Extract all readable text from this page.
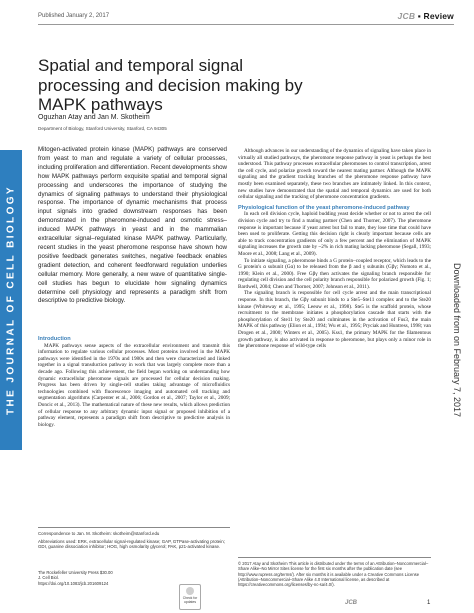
Published January 2, 2017	JCB ▪ Review
THE JOURNAL OF CELL BIOLOGY	Downloaded from on February 7, 2017
Spatial and temporal signal processing and decision making by MAPK pathways
Oguzhan Atay and Jan M. Skotheim
Department of Biology, Stanford University, Stanford, CA 94305
Mitogen-activated protein kinase (MAPK) pathways are conserved from yeast to man and regulate a variety of cellular processes, including proliferation and differentiation. Recent developments show how MAPK pathways perform exquisite spatial and temporal signal processing and underscores the importance of studying the dynamics of signaling pathways to understand their physiological response. The importance of dynamic mechanisms that process input signals into graded downstream responses has been demonstrated in the pheromone-induced and osmotic stress–induced MAPK pathways in yeast and in the mammalian extracellular signal–regulated kinase MAPK pathway. Particularly, recent studies in the yeast pheromone response have shown how positive feedback generates switches, negative feedback enables gradient detection, and coherent feedforward regulation underlies cellular memory. More generally, a new wave of quantitative single-cell studies has begun to elucidate how signaling dynamics determine cell physiology and represents a paradigm shift from descriptive to predictive biology.
Introduction

MAPK pathways sense aspects of the extracellular environment and transmit this information to regulate various cellular processes. Most proteins involved in the MAPK pathways were identified in the 1970s and 1980s and then were characterized and linked together in a signal transduction pathway in work that was largely complete more than a decade ago. Following this achievement, the field began working on understanding how dynamic extracellular pheromone signals are processed for cellular decision making. Progress has been driven by single-cell studies taking advantage of microfluidics technologies combined with fluorescence imaging and automated cell tracking and segmentation algorithms (Carpenter et al., 2006; Gordon et al., 2007; Taylor et al., 2009; Doncic et al., 2013). The mathematical nature of these new results, which allows prediction of cellular response to any arbitrary dynamic input signal or proposed inhibition of a pathway element, represents a paradigm shift from descriptive to predictive analysis in biology.

Although advances in our understanding of the dynamics of signaling have taken place in virtually all studied pathways, the pheromone response pathway in yeast is perhaps the best understood. This pathway processes extracellular pheromones to control transcription, arrest the cell cycle, and polarize growth toward the nearest mating partner. Although the MAPK signaling and the gradient tracking branches of the pheromone response pathway have mostly been examined separately, these two branches are intimately linked. In this context, new studies have demonstrated that the spatial and temporal dynamics are used for both cellular signaling and the tracking of pheromone concentration gradients.

Physiological function of the yeast pheromone-induced pathway

In each cell division cycle, haploid budding yeast decide whether or not to arrest the cell division cycle and try to find a mating partner (Chen and Thorner, 2007). The pheromone response is important because if yeast arrest but fail to mate, they lose time that could have been used to proliferate. Getting this decision right is clearly important because cells are able to track concentration gradients of only a few percent and the elimination of MAPK signaling increases the growth rate by ~2% in rich mating lacking pheromone (Segall, 1993; Moore et al., 2008; Lang et al., 2009).

To initiate signaling, a pheromone binds a G protein–coupled receptor, which leads to the G protein's α subunit (Gα) to be released from the β and γ subunits (Gβγ; Nomoto et al., 1990; Klein et al., 2000). Free Gβγ then activates the signaling branch responsible for regulating cell division and the cell polarity branch responsible for polarized growth (Fig. 1; Bardwell, 2004; Chen and Thorner, 2007; Johnson et al., 2011).

The signaling branch is responsible for cell cycle arrest and the main transcriptional response. In this branch, the Gβγ subunit binds to a Ste5–Ste11 complex and to the Ste20 kinase (Whiteway et al., 1995; Leeuw et al., 1998). Ste5 is the scaffold protein, whose recruitment to the membrane initiates a phosphorylation cascade that starts with the phosphorylation of Ste11 by Ste20 and culminates in the activation of Fus3, the main MAPK of this pathway (Elion et al., 1994; Wu et al., 1995; Pryciak and Huntress, 1998; van Drogen et al., 2000; Winters et al., 2005). Kss1, the primary MAPK for the filamentous growth pathway, is also activated in response to pheromone, but plays only a minor role in the pheromone response of wild-type cells

Correspondence to Jan. M. Skotheim: skotheim@stanford.edu
Abbreviations used: ERK, extracellular signal-regulated kinase; GAP, GTPase-activating protein; GDI, guanine dissociation inhibitor; HOG, high osmolarity glycerol; PAK, p21-activated kinase.
The Rockefeller University Press $30.00
J. Cell Biol.
https://doi.org/10.1083/jcb.201609124
Check for updates
© 2017 Atay and Skotheim This article is distributed under the terms of an Attribution–Noncommercial–Share Alike–No Mirror Sites license for the first six months after the publication date (see http://www.rupress.org/terms/). After six months it is available under a Creative Commons License (Attribution–Noncommercial–Share Alike 4.0 International license, as described at https://creativecommons.org/licenses/by-nc-sa/4.0/).
JCB	1
